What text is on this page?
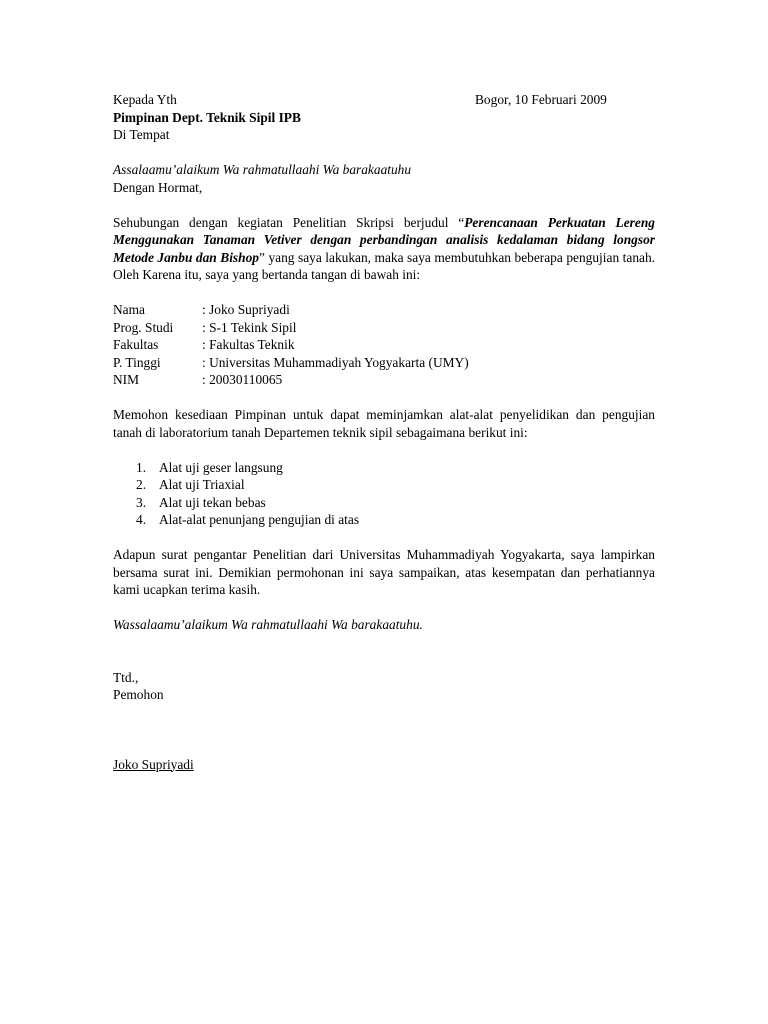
Kepada Yth	Bogor, 10 Februari 2009
Pimpinan Dept. Teknik Sipil IPB
Di Tempat
Assalaamu’alaikum Wa rahmatullaahi Wa barakaatuhu
Dengan Hormat,
Sehubungan dengan kegiatan Penelitian Skripsi berjudul “Perencanaan Perkuatan Lereng Menggunakan Tanaman Vetiver dengan perbandingan analisis kedalaman bidang longsor Metode Janbu dan Bishop” yang saya lakukan, maka saya membutuhkan beberapa pengujian tanah. Oleh Karena itu, saya yang bertanda tangan di bawah ini:
Nama	: Joko Supriyadi
Prog. Studi : S-1 Tekink Sipil
Fakultas	: Fakultas Teknik
P. Tinggi	: Universitas Muhammadiyah Yogyakarta (UMY)
NIM	: 20030110065
Memohon kesediaan Pimpinan untuk dapat meminjamkan alat-alat penyelidikan dan pengujian tanah di laboratorium tanah Departemen teknik sipil sebagaimana berikut ini:
1. Alat uji geser langsung
2. Alat uji Triaxial
3. Alat uji tekan bebas
4. Alat-alat penunjang pengujian di atas
Adapun surat pengantar Penelitian dari Universitas Muhammadiyah Yogyakarta, saya lampirkan bersama surat ini. Demikian permohonan ini saya sampaikan, atas kesempatan dan perhatiannya kami ucapkan terima kasih.
Wassalaamu’alaikum Wa rahmatullaahi Wa barakaatuhu.
Ttd.,
Pemohon
Joko Supriyadi
